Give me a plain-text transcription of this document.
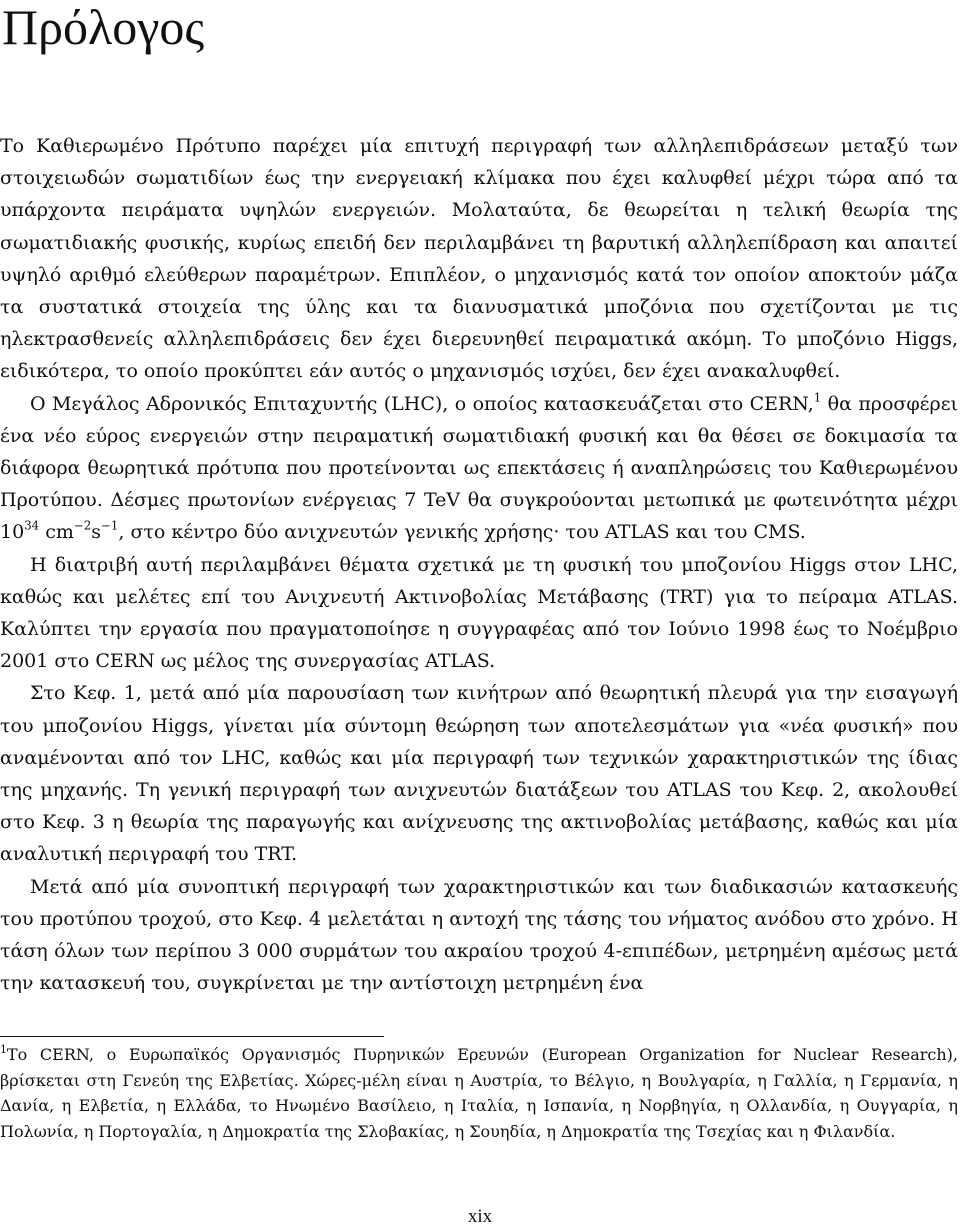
Πρόλογος

Το Καθιερωμένο Πρότυπο παρέχει μία επιτυχή περιγραφή των αλληλεπιδράσεων μεταξύ των στοιχειωδών σωματιδίων έως την ενεργειακή κλίμακα που έχει καλυφθεί μέχρι τώρα από τα υπάρχοντα πειράματα υψηλών ενεργειών. Μολαταύτα, δε θεωρείται η τελική θεωρία της σωματιδιακής φυσικής, κυρίως επειδή δεν περιλαμβάνει τη βαρυτική αλληλεπίδραση και απαιτεί υψηλό αριθμό ελεύθερων παραμέτρων. Επιπλέον, ο μηχανισμός κατά τον οποίον αποκτούν μάζα τα συστατικά στοιχεία της ύλης και τα διανυσματικά μποζόνια που σχετίζονται με τις ηλεκτρασθενείς αλληλεπιδράσεις δεν έχει διερευνηθεί πειραματικά ακόμη. Το μποζόνιο Higgs, ειδικότερα, το οποίο προκύπτει εάν αυτός ο μηχανισμός ισχύει, δεν έχει ανακαλυφθεί.

Ο Μεγάλος Αδρονικός Επιταχυντής (LHC), ο οποίος κατασκευάζεται στο CERN,$^1$ θα προσφέρει ένα νέο εύρος ενεργειών στην πειραματική σωματιδιακή φυσική και θα θέσει σε δοκιμασία τα διάφορα θεωρητικά πρότυπα που προτείνονται ως επεκτάσεις ή αναπληρώσεις του Καθιερωμένου Προτύπου. Δέσμες πρωτονίων ενέργειας 7 TeV θα συγκρούονται μετωπικά με φωτεινότητα μέχρι $10^{34}$ $cm^{-2}s^{-1}$, στο κέντρο δύο ανιχνευτών γενικής χρήσης· του ATLAS και του CMS.

Η διατριβή αυτή περιλαμβάνει θέματα σχετικά με τη φυσική του μποζονίου Higgs στον LHC, καθώς και μελέτες επί του Ανιχνευτή Ακτινοβολίας Μετάβασης (TRT) για το πείραμα ATLAS. Καλύπτει την εργασία που πραγματοποίησε η συγγραφέας από τον Ιούνιο 1998 έως το Νοέμβριο 2001 στο CERN ως μέλος της συνεργασίας ATLAS.

Στο Κεφ. 1, μετά από μία παρουσίαση των κινήτρων από θεωρητική πλευρά για την εισαγωγή του μποζονίου Higgs, γίνεται μία σύντομη θεώρηση των αποτελεσμάτων για «νέα φυσική» που αναμένονται από τον LHC, καθώς και μία περιγραφή των τεχνικών χαρακτηριστικών της ίδιας της μηχανής. Τη γενική περιγραφή των ανιχνευτών διατάξεων του ATLAS του Κεφ. 2, ακολουθεί στο Κεφ. 3 η θεωρία της παραγωγής και ανίχνευσης της ακτινοβολίας μετάβασης, καθώς και μία αναλυτική περιγραφή του TRT.

Μετά από μία συνοπτική περιγραφή των χαρακτηριστικών και των διαδικασιών κατασκευής του προτύπου τροχού, στο Κεφ. 4 μελετάται η αντοχή της τάσης του νήματος ανόδου στο χρόνο. Η τάση όλων των περίπου 3 000 συρμάτων του ακραίου τροχού 4-επιπέδων, μετρημένη αμέσως μετά την κατασκευή του, συγκρίνεται με την αντίστοιχη μετρημένη ένα

$^1$Το CERN, ο Ευρωπαϊκός Οργανισμός Πυρηνικών Ερευνών (European Organization for Nuclear Research), βρίσκεται στη Γενεύη της Ελβετίας. Χώρες-μέλη είναι η Αυστρία, το Βέλγιο, η Βουλγαρία, η Γαλλία, η Γερμανία, η Δανία, η Ελβετία, η Ελλάδα, το Ηνωμένο Βασίλειο, η Ιταλία, η Ισπανία, η Νορβηγία, η Ολλανδία, η Ουγγαρία, η Πολωνία, η Πορτογαλία, η Δημοκρατία της Σλοβακίας, η Σουηδία, η Δημοκρατία της Τσεχίας και η Φιλανδία.
xix
